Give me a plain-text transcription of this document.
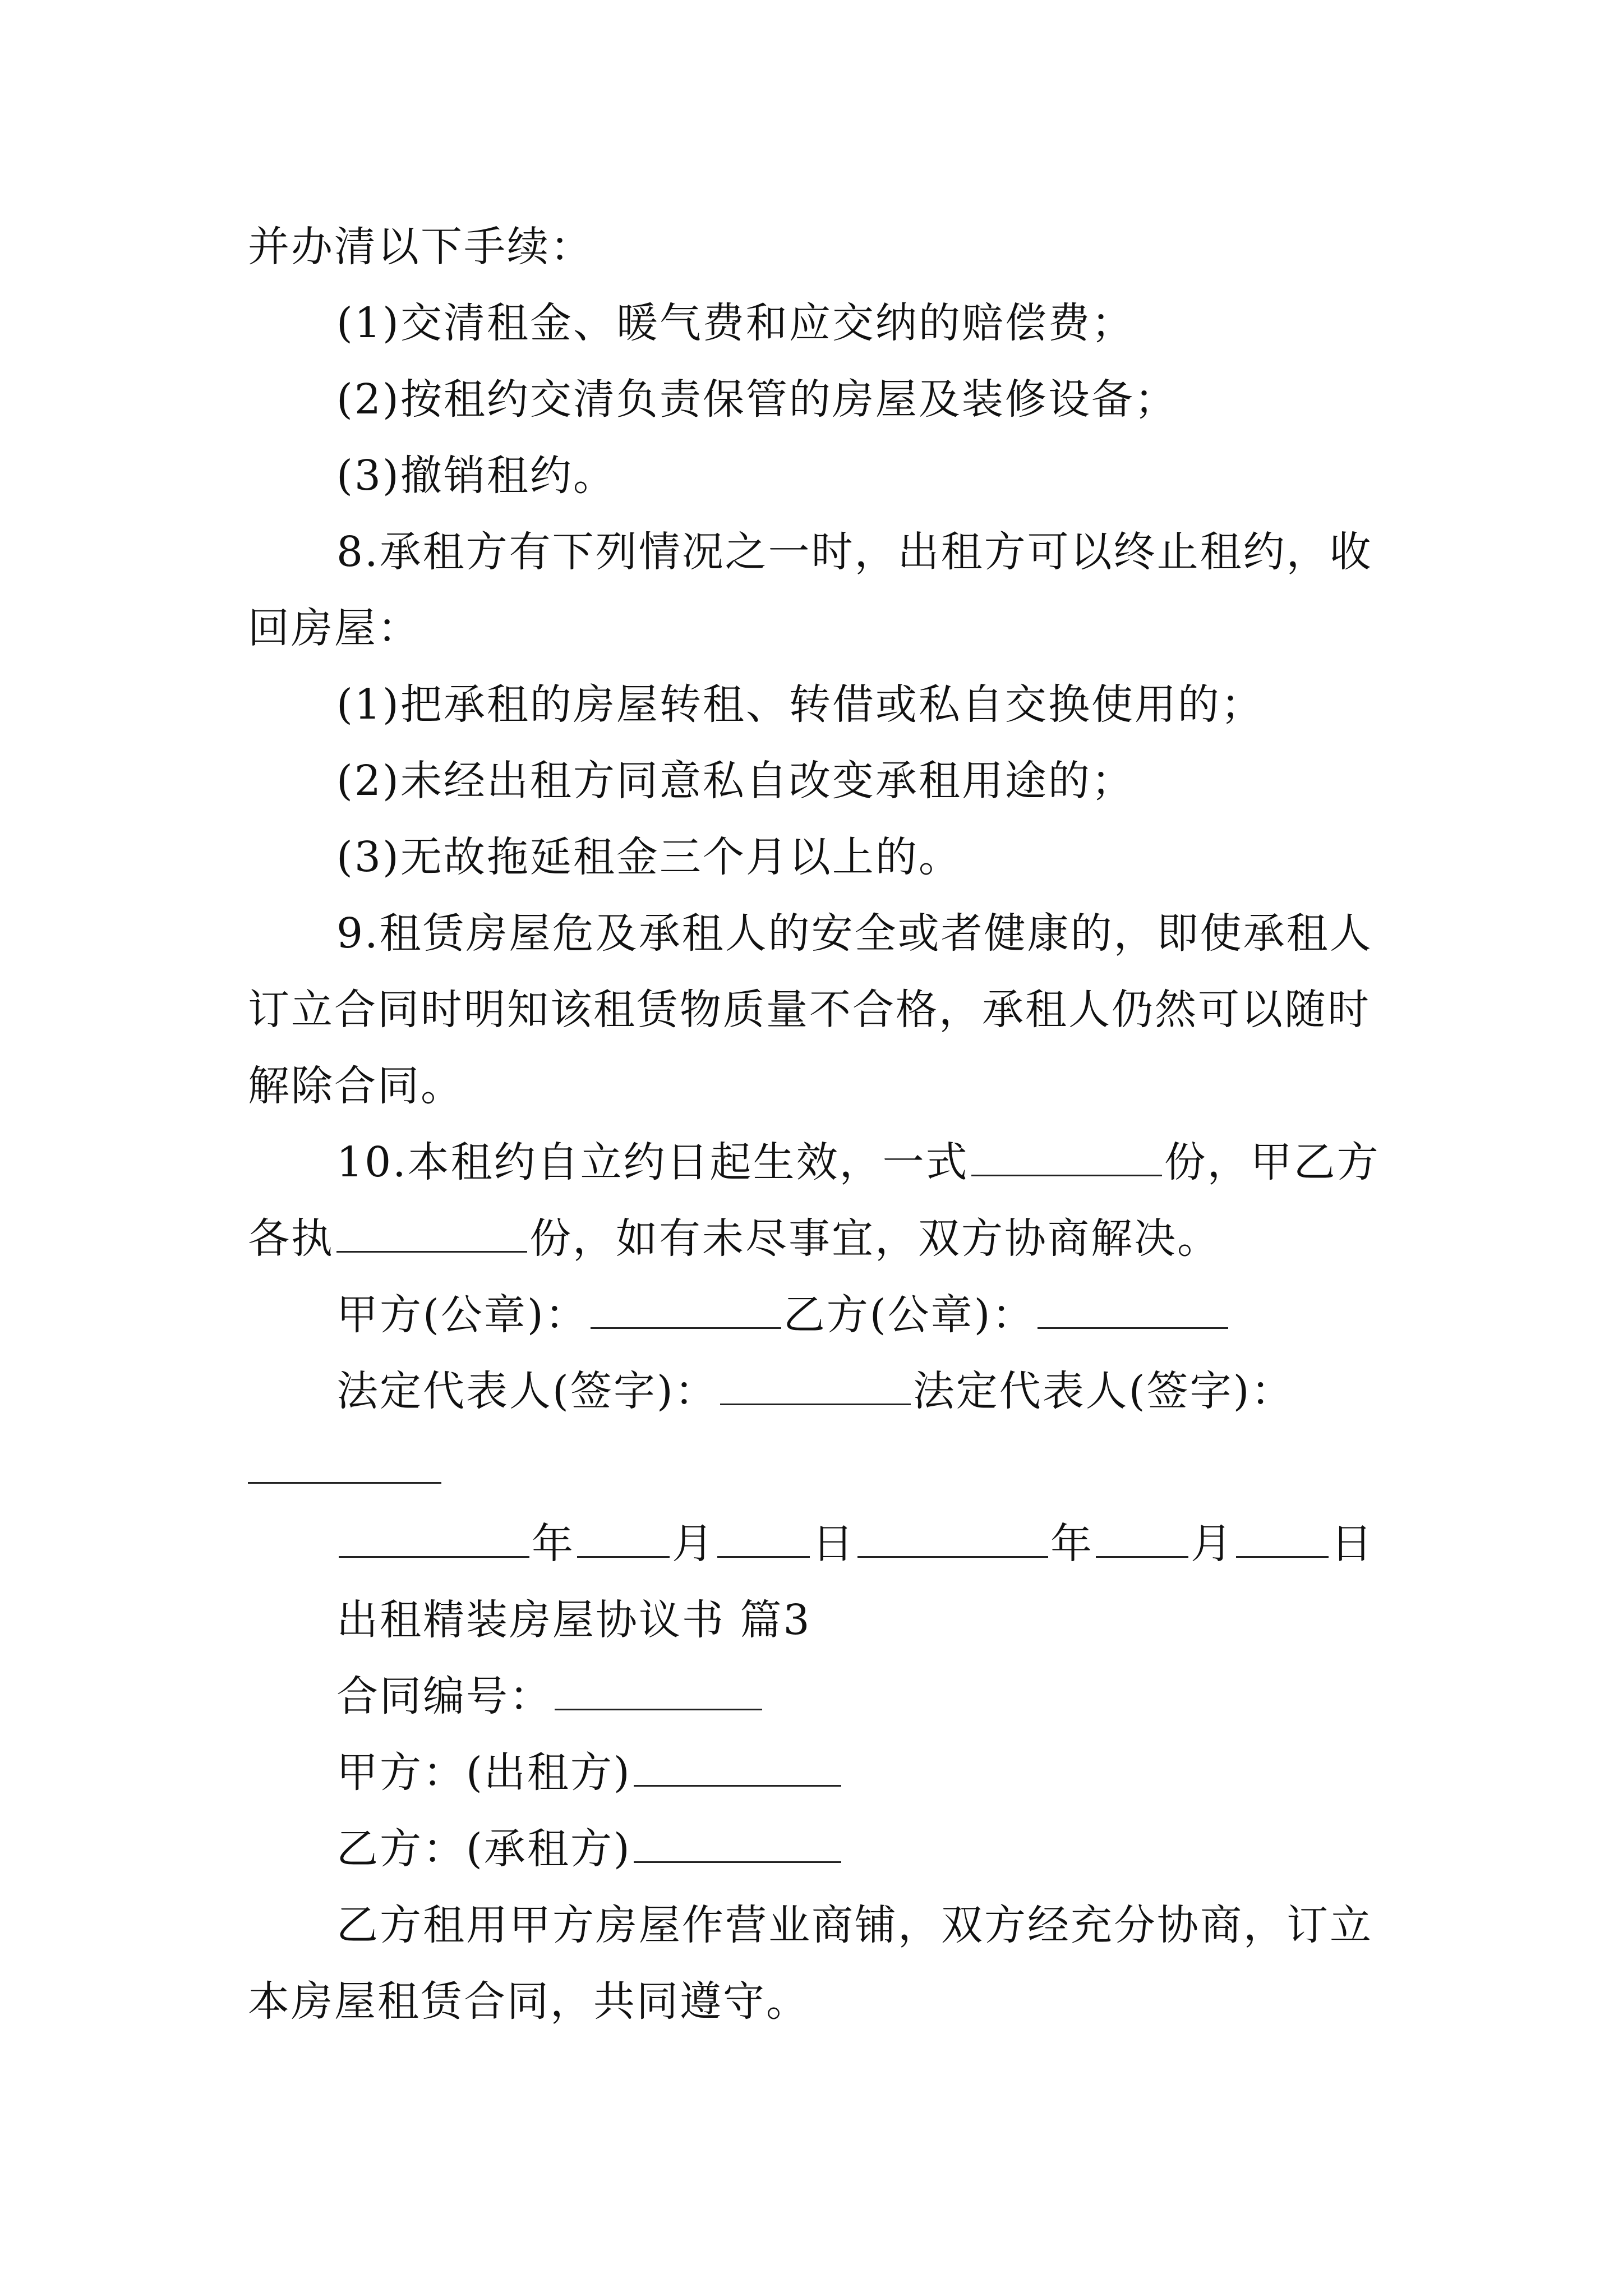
并办清以下手续：
(1)交清租金、暖气费和应交纳的赔偿费；
(2)按租约交清负责保管的房屋及装修设备；
(3)撤销租约。
8.承租方有下列情况之一时，出租方可以终止租约，收
回房屋：
(1)把承租的房屋转租、转借或私自交换使用的；
(2)未经出租方同意私自改变承租用途的；
(3)无故拖延租金三个月以上的。
9.租赁房屋危及承租人的安全或者健康的，即使承租人
订立合同时明知该租赁物质量不合格，承租人仍然可以随时
解除合同。
10.本租约自立约日起生效，一式	份，甲乙方
各执	份，如有未尽事宜，双方协商解决。
甲方(公章)：	乙方(公章)：
法定代表人(签字)：	法定代表人(签字)：
年 月 日	年 月 日
出租精装房屋协议书 篇3
合同编号：
甲方：(出租方)
乙方：(承租方)
乙方租用甲方房屋作营业商铺，双方经充分协商，订立
本房屋租赁合同，共同遵守。
